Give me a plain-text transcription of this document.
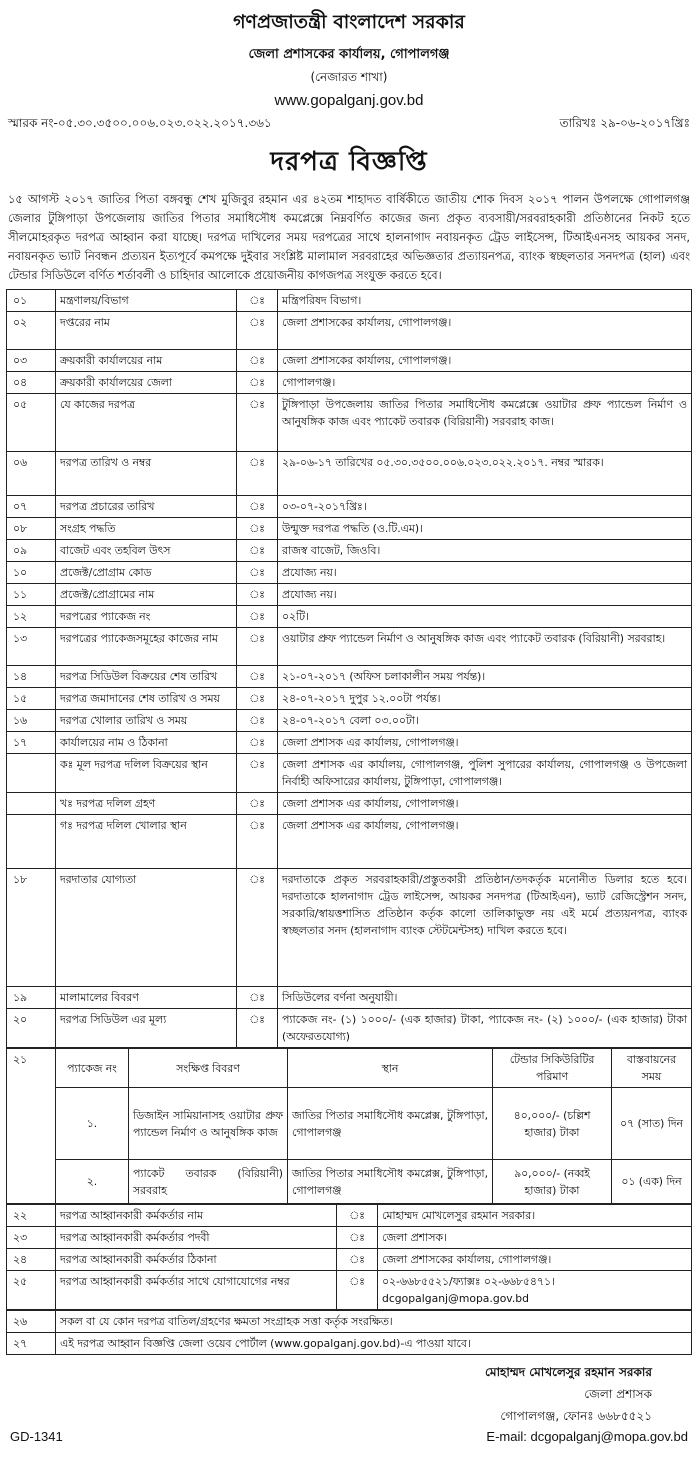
গণপ্রজাতন্ত্রী বাংলাদেশ সরকার
জেলা প্রশাসকের কার্যালয়, গোপালগঞ্জ
(নেজারত শাখা)
www.gopalganj.gov.bd
স্মারক নং-০৫.৩০.৩৫০০.০০৬.০২৩.০২২.২০১৭.৩৬১	তারিখঃ ২৯-০৬-২০১৭খ্রিঃ
দরপত্র বিজ্ঞপ্তি
১৫ আগস্ট ২০১৭ জাতির পিতা বঙ্গবন্ধু শেখ মুজিবুর রহমান এর ৪২তম শাহাদত বার্ষিকীতে জাতীয় শোক দিবস ২০১৭ পালন উপলক্ষে গোপালগঞ্জ জেলার টুঙ্গিপাড়া উপজেলায় জাতির পিতার সমাধিসৌধ কমপ্লেক্সে নিম্নবর্ণিত কাজের জন্য প্রকৃত ব্যবসায়ী/সরবরাহকারী প্রতিষ্ঠানের নিকট হতে সীলমোহরকৃত দরপত্র আহ্বান করা যাচ্ছে। দরপত্র দাখিলের সময় দরপত্রের সাথে হালনাগাদ নবায়নকৃত ট্রেড লাইসেন্স, টিআইএনসহ আয়কর সনদ, নবায়নকৃত ভ্যাট নিবন্ধন প্রত্যয়ন ইত্যপূর্বে কমপক্ষে দুইবার সংশ্লিষ্ট মালামাল সরবরাহের অভিজ্ঞতার প্রত্যায়নপত্র, ব্যাংক স্বচ্ছলতার সনদপত্র (হাল) এবং টেন্ডার সিডিউলে বর্ণিত শর্তাবলী ও চাহিদার আলোকে প্রয়োজনীয় কাগজপত্র সংযুক্ত করতে হবে।
০১	মন্ত্রণালয়/বিভাগ	ঃ	মন্ত্রিপরিষদ বিভাগ।
০২	দপ্তরের নাম	ঃ	জেলা প্রশাসকের কার্যালয়, গোপালগঞ্জ।
০৩	ক্রয়কারী কার্যালয়ের নাম	ঃ	জেলা প্রশাসকের কার্যালয়, গোপালগঞ্জ।
০৪	ক্রয়কারী কার্যালয়ের জেলা	ঃ	গোপালগঞ্জ।
০৫	যে কাজের দরপত্র	ঃ	টুঙ্গিপাড়া উপজেলায় জাতির পিতার সমাধিসৌধ কমপ্লেক্সে ওয়াটার প্রুফ প্যান্ডেল নির্মাণ ও আনুষঙ্গিক কাজ এবং প্যাকেট তবারক (বিরিয়ানী) সরবরাহ কাজ।
০৬	দরপত্র তারিখ ও নম্বর	ঃ	২৯-০৬-১৭ তারিখের ০৫.৩০.৩৫০০.০০৬.০২৩.০২২.২০১৭. নম্বর স্মারক।
০৭	দরপত্র প্রচারের তারিখ	ঃ	০৩-০৭-২০১৭খ্রিঃ।
০৮	সংগ্রহ পদ্ধতি	ঃ	উন্মুক্ত দরপত্র পদ্ধতি (ও.টি.এম)।
০৯	বাজেট এবং তহবিল উৎস	ঃ	রাজস্ব বাজেট, জিওবি।
১০	প্রজেক্ট/প্রোগ্রাম কোড	ঃ	প্রযোজ্য নয়।
১১	প্রজেক্ট/প্রোগ্রামের নাম	ঃ	প্রযোজ্য নয়।
১২	দরপত্রের প্যাকেজ নং	ঃ	০২টি।
১৩	দরপত্রের প্যাকেজসমূহের কাজের নাম	ঃ	ওয়াটার প্রুফ প্যান্ডেল নির্মাণ ও আনুষঙ্গিক কাজ এবং প্যাকেট তবারক (বিরিয়ানী) সরবরাহ।
১৪	দরপত্র সিডিউল বিক্রয়ের শেষ তারিখ	ঃ	২১-০৭-২০১৭ (অফিস চলাকালীন সময় পর্যন্ত)।
১৫	দরপত্র জমাদানের শেষ তারিখ ও সময়	ঃ	২৪-০৭-২০১৭ দুপুর ১২.০০টা পর্যন্ত।
১৬	দরপত্র খোলার তারিখ ও সময়	ঃ	২৪-০৭-২০১৭ বেলা ০৩.০০টা।
১৭	কার্যালয়ের নাম ও ঠিকানা	ঃ	জেলা প্রশাসক এর কার্যালয়, গোপালগঞ্জ।
	কঃ মূল দরপত্র দলিল বিক্রয়ের স্থান	ঃ	জেলা প্রশাসক এর কার্যালয়, গোপালগঞ্জ, পুলিশ সুপারের কার্যালয়, গোপালগঞ্জ ও উপজেলা নির্বাহী অফিসারের কার্যালয়, টুঙ্গিপাড়া, গোপালগঞ্জ।
	খঃ দরপত্র দলিল গ্রহণ	ঃ	জেলা প্রশাসক এর কার্যালয়, গোপালগঞ্জ।
	গঃ দরপত্র দলিল খোলার স্থান	ঃ	জেলা প্রশাসক এর কার্যালয়, গোপালগঞ্জ।
১৮	দরদাতার যোগ্যতা	ঃ	দরদাতাকে প্রকৃত সরবরাহকারী/প্রস্তুতকারী প্রতিষ্ঠান/তদকর্তৃক মনোনীত ডিলার হতে হবে। দরদাতাকে হালনাগাদ ট্রেড লাইসেন্স, আয়কর সনদপত্র (টিআইএন), ভ্যাট রেজিস্ট্রেশন সনদ, সরকারি/স্বায়ত্তশাসিত প্রতিষ্ঠান কর্তৃক কালো তালিকাভুক্ত নয় এই মর্মে প্রত্যয়নপত্র, ব্যাংক স্বচ্ছলতার সনদ (হালনাগাদ ব্যাংক স্টেটমেন্টসহ) দাখিল করতে হবে।
১৯	মালামালের বিবরণ	ঃ	সিডিউলের বর্ণনা অনুযায়ী।
২০	দরপত্র সিডিউল এর মূল্য	ঃ	প্যাকেজ নং- (১) ১০০০/- (এক হাজার) টাকা, প্যাকেজ নং- (২) ১০০০/- (এক হাজার) টাকা (অফেরতযোগ্য)
২১	প্যাকেজ নং	সংক্ষিপ্ত বিবরণ	স্থান	টেন্ডার সিকিউরিটির পরিমাণ	বাস্তবায়নের সময়
	১.	ডিজাইন সামিয়ানাসহ ওয়াটার প্রুফ প্যান্ডেল নির্মাণ ও আনুষঙ্গিক কাজ	জাতির পিতার সমাধিসৌধ কমপ্লেক্স, টুঙ্গিপাড়া, গোপালগঞ্জ	৪০,০০০/- (চল্লিশ হাজার) টাকা	০৭ (সাত) দিন
	২.	প্যাকেট তবারক (বিরিয়ানী) সরবরাহ	জাতির পিতার সমাধিসৌধ কমপ্লেক্স, টুঙ্গিপাড়া, গোপালগঞ্জ	৯০,০০০/- (নব্বই হাজার) টাকা	০১ (এক) দিন
২২	দরপত্র আহ্বানকারী কর্মকর্তার নাম	ঃ	মোহাম্মদ মোখলেসুর রহমান সরকার।
২৩	দরপত্র আহ্বানকারী কর্মকর্তার পদবী	ঃ	জেলা প্রশাসক।
২৪	দরপত্র আহ্বানকারী কর্মকর্তার ঠিকানা	ঃ	জেলা প্রশাসকের কার্যালয়, গোপালগঞ্জ।
২৫	দরপত্র আহ্বানকারী কর্মকর্তার সাথে যোগাযোগের নম্বর	ঃ	০২-৬৬৮৫৫২১/ফ্যাক্সঃ ০২-৬৬৮৫৪৭১। dcgopalganj@mopa.gov.bd
২৬	সকল বা যে কোন দরপত্র বাতিল/গ্রহণের ক্ষমতা সংগ্রাহক সত্তা কর্তৃক সংরক্ষিত।
২৭	এই দরপত্র আহ্বান বিজ্ঞপ্তি জেলা ওয়েব পোর্টাল (www.gopalganj.gov.bd)-এ পাওয়া যাবে।
মোহাম্মদ মোখলেসুর রহমান সরকার
জেলা প্রশাসক
গোপালগঞ্জ, ফোনঃ ৬৬৮৫৫২১
GD-1341	E-mail: dcgopalganj@mopa.gov.bd
